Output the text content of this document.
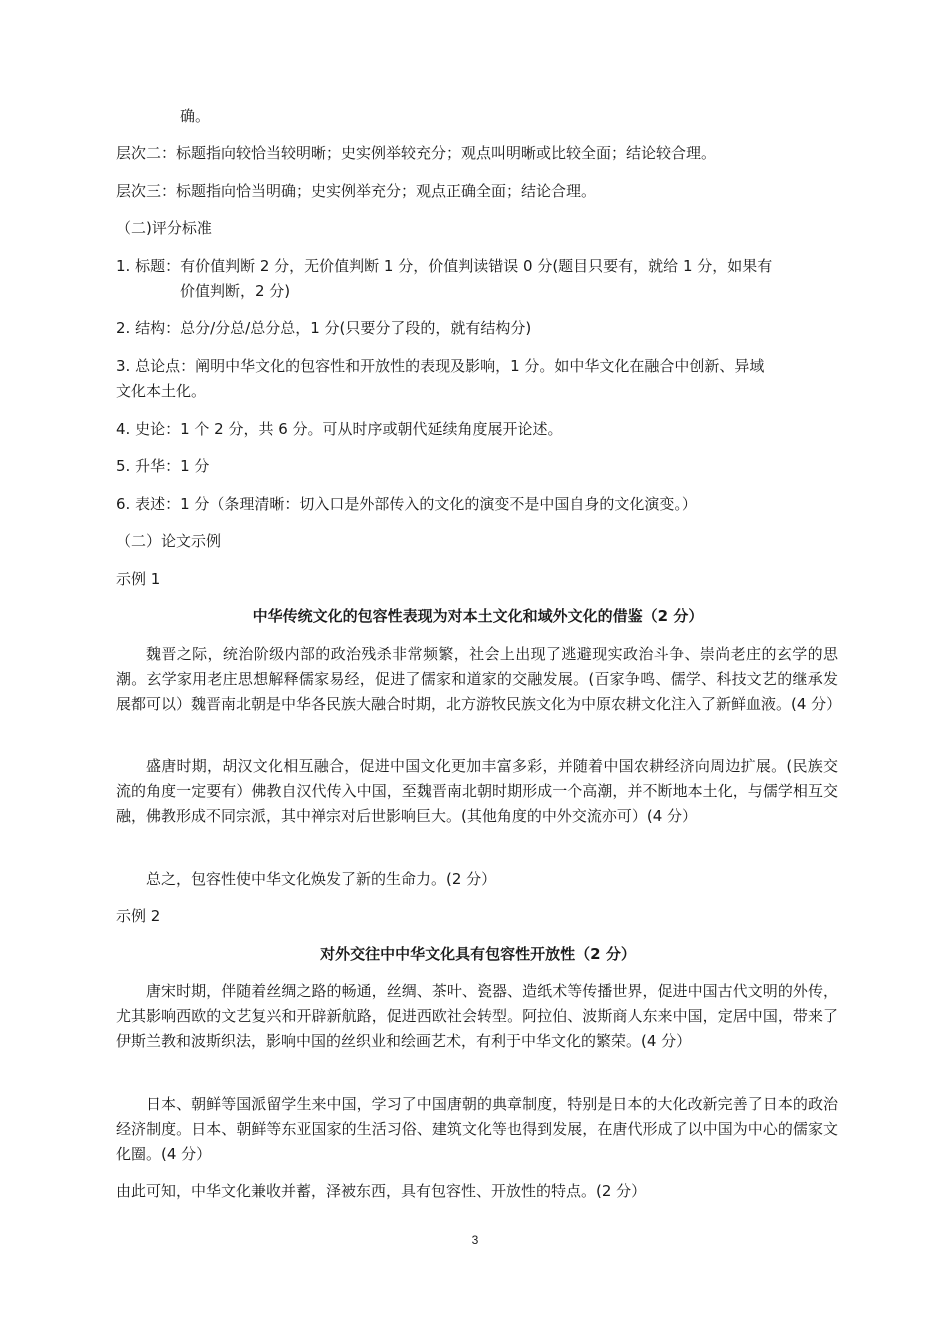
确。
层次二：标题指向较恰当较明晰；史实例举较充分；观点叫明晰或比较全面；结论较合理。
层次三：标题指向恰当明确；史实例举充分；观点正确全面；结论合理。
（二)评分标准
1. 标题：有价值判断 2 分，无价值判断 1 分，价值判读错误 0 分(题目只要有，就给 1 分，如果有
价值判断，2 分)
2. 结构：总分/分总/总分总，1 分(只要分了段的，就有结构分)
3. 总论点：阐明中华文化的包容性和开放性的表现及影响，1 分。如中华文化在融合中创新、异域
文化本土化。
4. 史论：1 个 2 分，共 6 分。可从时序或朝代延续角度展开论述。
5. 升华：1 分
6. 表述：1 分（条理清晰：切入口是外部传入的文化的演变不是中国自身的文化演变。）
（二）论文示例
示例 1
中华传统文化的包容性表现为对本土文化和域外文化的借鉴（2 分）
魏晋之际，统治阶级内部的政治残杀非常频繁，社会上出现了逃避现实政治斗争、崇尚老庄的玄学的思潮。玄学家用老庄思想解释儒家易经，促进了儒家和道家的交融发展。(百家争鸣、儒学、科技文艺的继承发展都可以）魏晋南北朝是中华各民族大融合时期，北方游牧民族文化为中原农耕文化注入了新鲜血液。(4 分）
盛唐时期，胡汉文化相互融合，促进中国文化更加丰富多彩，并随着中国农耕经济向周边扩展。(民族交流的角度一定要有）佛教自汉代传入中国，至魏晋南北朝时期形成一个高潮，并不断地本土化，与儒学相互交融，佛教形成不同宗派，其中禅宗对后世影响巨大。(其他角度的中外交流亦可）(4 分）
总之，包容性使中华文化焕发了新的生命力。(2 分）
示例 2
对外交往中中华文化具有包容性开放性（2 分）
唐宋时期，伴随着丝绸之路的畅通，丝绸、茶叶、瓷器、造纸术等传播世界，促进中国古代文明的外传，尤其影响西欧的文艺复兴和开辟新航路，促进西欧社会转型。阿拉伯、波斯商人东来中国，定居中国，带来了伊斯兰教和波斯织法，影响中国的丝织业和绘画艺术，有利于中华文化的繁荣。(4 分）
日本、朝鲜等国派留学生来中国，学习了中国唐朝的典章制度，特别是日本的大化改新完善了日本的政治经济制度。日本、朝鲜等东亚国家的生活习俗、建筑文化等也得到发展，在唐代形成了以中国为中心的儒家文化圈。(4 分）
由此可知，中华文化兼收并蓄，泽被东西，具有包容性、开放性的特点。(2 分）
3
